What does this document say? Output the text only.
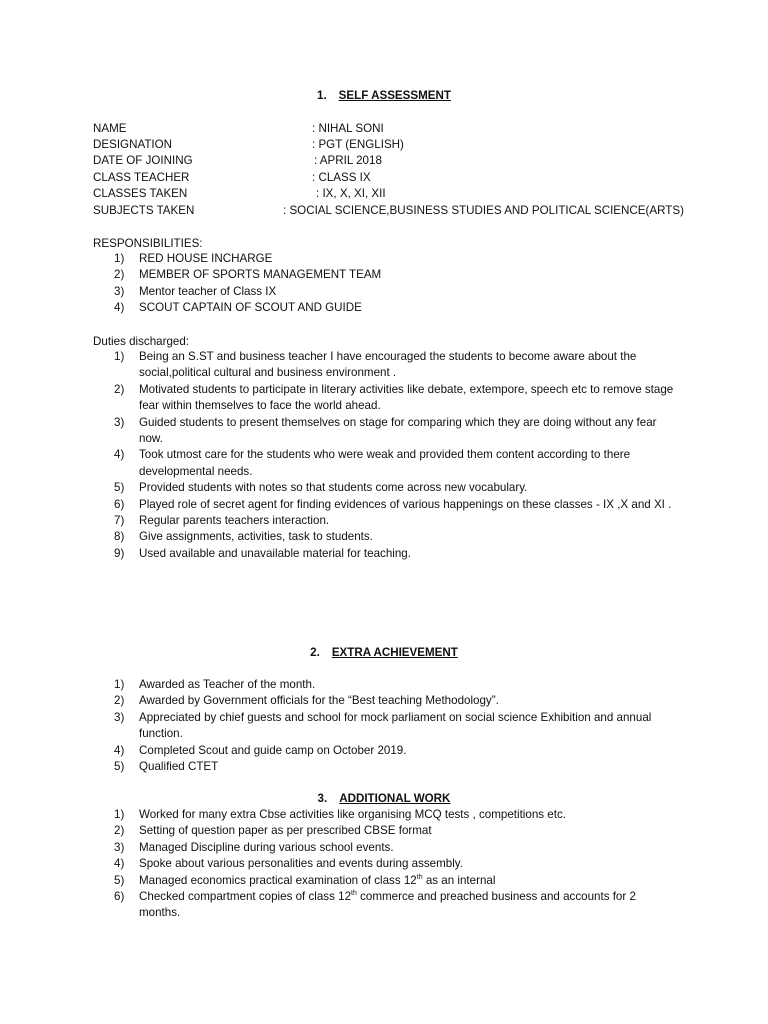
1. SELF ASSESSMENT
NAME	: NIHAL SONI
DESIGNATION	: PGT (ENGLISH)
DATE OF JOINING	: APRIL 2018
CLASS TEACHER	: CLASS IX
CLASSES TAKEN	: IX, X, XI, XII
SUBJECTS TAKEN	: SOCIAL SCIENCE,BUSINESS STUDIES AND POLITICAL SCIENCE(ARTS)
RESPONSIBILITIES:
1) RED HOUSE INCHARGE
2) MEMBER OF SPORTS MANAGEMENT TEAM
3) Mentor teacher of Class IX
4) SCOUT CAPTAIN OF SCOUT AND GUIDE
Duties discharged:
1) Being an S.ST and business teacher I have encouraged the students to become aware about the social,political cultural and business environment .
2) Motivated students to participate in literary activities like debate, extempore, speech etc to remove stage fear within themselves to face the world ahead.
3) Guided students to present themselves on stage for comparing which they are doing without any fear now.
4) Took utmost care for the students who were weak and provided them content according to there developmental needs.
5) Provided students with notes so that students come across new vocabulary.
6) Played role of secret agent for finding evidences of various happenings on these classes - IX ,X and XI .
7) Regular parents teachers interaction.
8) Give assignments, activities, task to students.
9) Used available and unavailable material for teaching.
2. EXTRA ACHIEVEMENT
1) Awarded as Teacher of the month.
2) Awarded by Government officials for the “Best teaching Methodology”.
3) Appreciated by chief guests and school for mock parliament on social science Exhibition and annual function.
4) Completed Scout and guide camp on October 2019.
5) Qualified CTET
3. ADDITIONAL WORK
1) Worked for many extra Cbse activities like organising MCQ tests , competitions etc.
2) Setting of question paper as per prescribed CBSE format
3) Managed Discipline during various school events.
4) Spoke about various personalities and events during assembly.
5) Managed economics practical examination of class 12th as an internal
6) Checked compartment copies of class 12th commerce and preached business and accounts for 2 months.
